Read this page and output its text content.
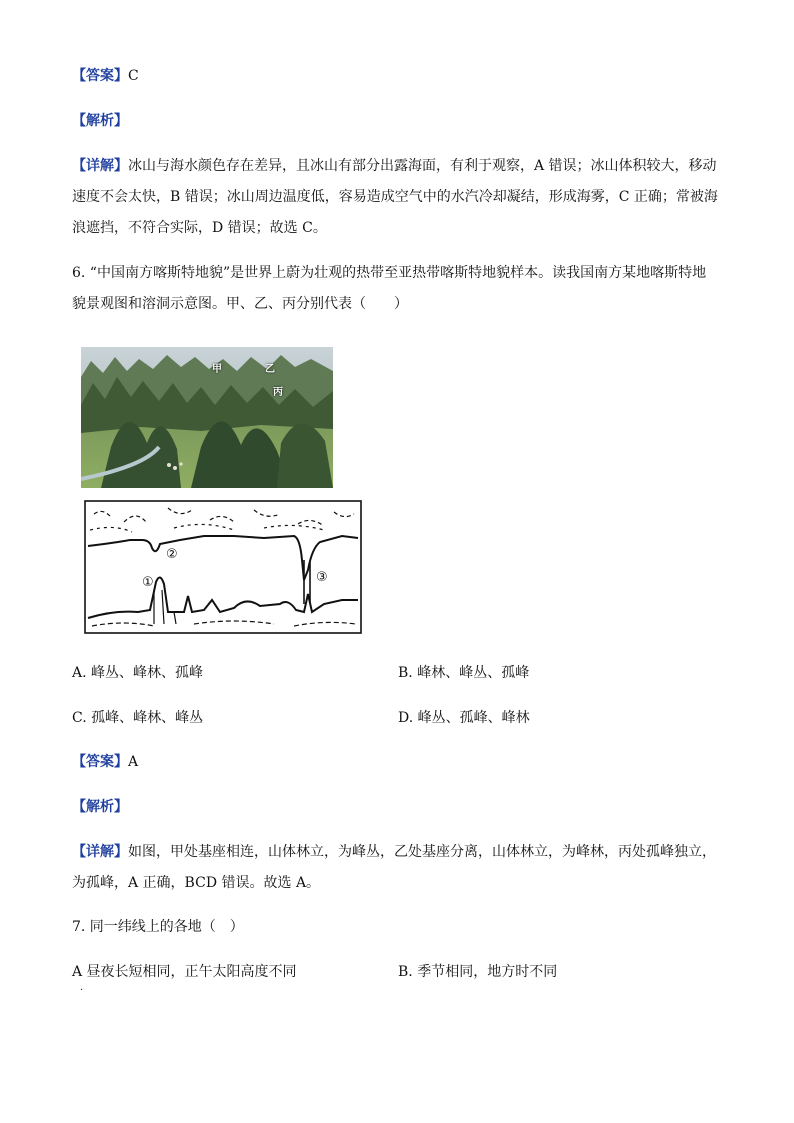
【答案】C
【解析】
【详解】冰山与海水颜色存在差异，且冰山有部分出露海面，有利于观察，A 错误；冰山体积较大，移动
速度不会太快，B 错误；冰山周边温度低，容易造成空气中的水汽冷却凝结，形成海雾，C 正确；常被海
浪遮挡，不符合实际，D 错误；故选 C。
6. “中国南方喀斯特地貌”是世界上蔚为壮观的热带至亚热带喀斯特地貌样本。读我国南方某地喀斯特地
貌景观图和溶洞示意图。甲、乙、丙分别代表（　　）
甲	乙
丙
②
①	③
A. 峰丛、峰林、孤峰	B. 峰林、峰丛、孤峰
C. 孤峰、峰林、峰丛	D. 峰丛、孤峰、峰林
【答案】A
【解析】
【详解】如图，甲处基座相连，山体林立，为峰丛，乙处基座分离，山体林立，为峰林，丙处孤峰独立，
为孤峰，A 正确，BCD 错误。故选 A。
7. 同一纬线上的各地（　）
A 昼夜长短相同，正午太阳高度不同	B. 季节相同，地方时不同
.
